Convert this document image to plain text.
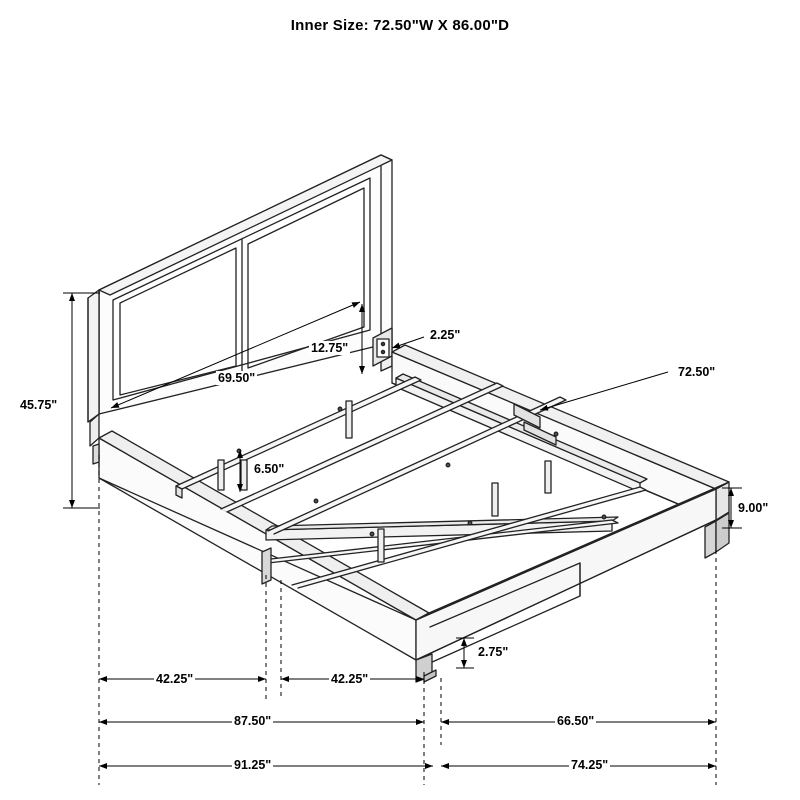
Inner Size: 72.50"W X 86.00"D
45.75"
69.50"
12.75"
2.25"
72.50"
6.50"
9.00"
2.75"
42.25"	42.25"
87.50"	66.50"
91.25"	74.25"
